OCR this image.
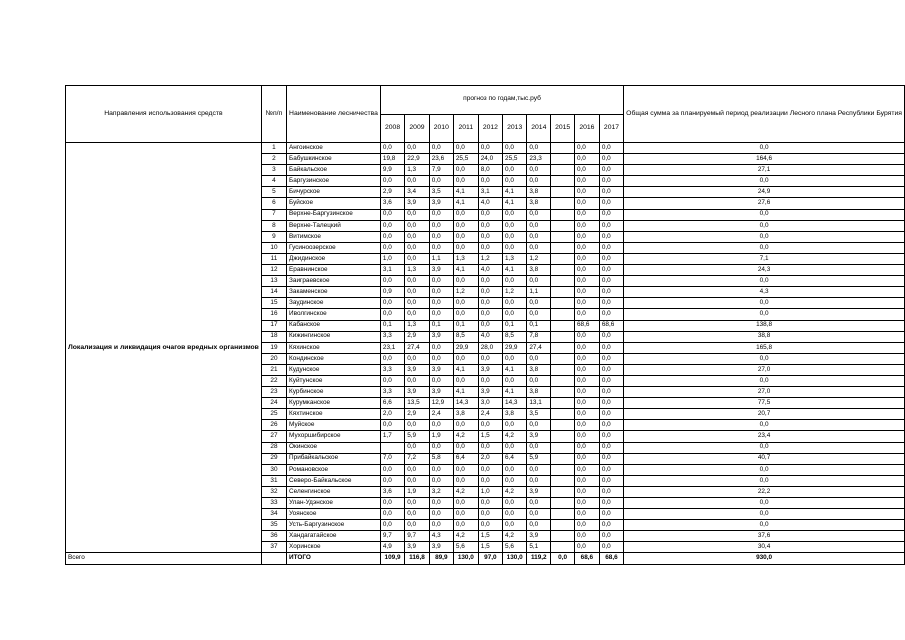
Направления использования средств	№п/п	Наименование лесничества	прогноз по годам,тыс.руб										Общая сумма за планируемый период реализации Лесного плана Республики Бурятия
			2008	2009	2010	2011	2012	2013	2014	2015	2016	2017	
Локализация и ликвидация очагов вредных организмов	1	Ангоинское	0,0	0,0	0,0	0,0	0,0	0,0	0,0		0,0	0,0	0,0
	2	Бабушкинское	19,8	22,9	23,6	25,5	24,0	25,5	23,3		0,0	0,0	164,6
	3	Байкальское	9,9	1,3	7,9	0,0	8,0	0,0	0,0		0,0	0,0	27,1
	4	Баргузинское	0,0	0,0	0,0	0,0	0,0	0,0	0,0		0,0	0,0	0,0
	5	Бичурское	2,9	3,4	3,5	4,1	3,1	4,1	3,8		0,0	0,0	24,9
	6	Буйское	3,6	3,9	3,9	4,1	4,0	4,1	3,8		0,0	0,0	27,6
	7	Верхне-Баргузинское	0,0	0,0	0,0	0,0	0,0	0,0	0,0		0,0	0,0	0,0
	8	Верхне-Талецкий	0,0	0,0	0,0	0,0	0,0	0,0	0,0		0,0	0,0	0,0
	9	Витимское	0,0	0,0	0,0	0,0	0,0	0,0	0,0		0,0	0,0	0,0
	10	Гусиноозерское	0,0	0,0	0,0	0,0	0,0	0,0	0,0		0,0	0,0	0,0
	11	Джидинское	1,0	0,0	1,1	1,3	1,2	1,3	1,2		0,0	0,0	7,1
	12	Еравнинское	3,1	1,3	3,9	4,1	4,0	4,1	3,8		0,0	0,0	24,3
	13	Заиграевское	0,0	0,0	0,0	0,0	0,0	0,0	0,0		0,0	0,0	0,0
	14	Закаменское	0,9	0,0	0,0	1,2	0,0	1,2	1,1		0,0	0,0	4,3
	15	Заудинское	0,0	0,0	0,0	0,0	0,0	0,0	0,0		0,0	0,0	0,0
	16	Иволгинское	0,0	0,0	0,0	0,0	0,0	0,0	0,0		0,0	0,0	0,0
	17	Кабанское	0,1	1,3	0,1	0,1	0,0	0,1	0,1		68,6	68,6	138,8
	18	Кижингинское	3,3	2,9	3,9	8,5	4,0	8,5	7,8		0,0	0,0	38,8
	19	Кяхинское	23,1	27,4	0,0	29,9	28,0	29,9	27,4		0,0	0,0	165,8
	20	Кондинское	0,0	0,0	0,0	0,0	0,0	0,0	0,0		0,0	0,0	0,0
	21	Кудунское	3,3	3,9	3,9	4,1	3,9	4,1	3,8		0,0	0,0	27,0
	22	Куйтунское	0,0	0,0	0,0	0,0	0,0	0,0	0,0		0,0	0,0	0,0
	23	Курбинское	3,3	3,9	3,9	4,1	3,9	4,1	3,8		0,0	0,0	27,0
	24	Курумканское	6,6	13,5	12,9	14,3	3,0	14,3	13,1		0,0	0,0	77,5
	25	Кяхтинское	2,0	2,9	2,4	3,8	2,4	3,8	3,5		0,0	0,0	20,7
	26	Муйское	0,0	0,0	0,0	0,0	0,0	0,0	0,0		0,0	0,0	0,0
	27	Мухоршибирское	1,7	5,9	1,9	4,2	1,5	4,2	3,9		0,0	0,0	23,4
	28	Окинское		0,0	0,0	0,0	0,0	0,0	0,0		0,0	0,0	0,0
	29	Прибайкальское	7,0	7,2	5,8	6,4	2,0	6,4	5,9		0,0	0,0	40,7
	30	Романовское	0,0	0,0	0,0	0,0	0,0	0,0	0,0		0,0	0,0	0,0
	31	Северо-Байкальское	0,0	0,0	0,0	0,0	0,0	0,0	0,0		0,0	0,0	0,0
	32	Селенгинское	3,6	1,9	3,2	4,2	1,0	4,2	3,9		0,0	0,0	22,2
	33	Улан-Удэнское	0,0	0,0	0,0	0,0	0,0	0,0	0,0		0,0	0,0	0,0
	34	Уоянское	0,0	0,0	0,0	0,0	0,0	0,0	0,0		0,0	0,0	0,0
	35	Усть-Баргузинское	0,0	0,0	0,0	0,0	0,0	0,0	0,0		0,0	0,0	0,0
	36	Хандагатайское	9,7	9,7	4,3	4,2	1,5	4,2	3,9		0,0	0,0	37,6
	37	Хоринское	4,9	3,9	3,9	5,6	1,5	5,6	5,1		0,0	0,0	30,4
Всего		ИТОГО	109,9	116,8	89,9	130,0	97,0	130,0	119,2	0,0	68,6	68,6	930,0
